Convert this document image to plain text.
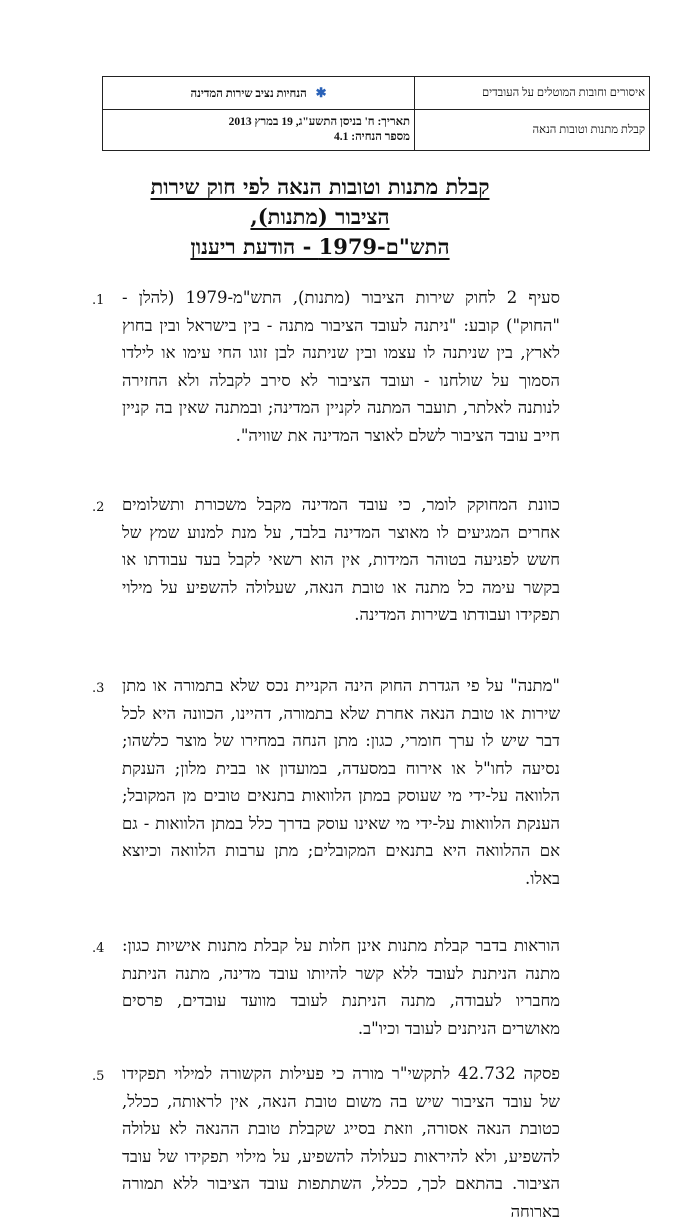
איסורים וחובות המוטלים על העובדים	✱ הנחיות נציב שירות המדינה
קבלת מתנות וטובות הנאה	תאריך: ח' בניסן התשע"ג, 19 במרץ 2013
מספר הנחיה: 4.1
קבלת מתנות וטובות הנאה לפי חוק שירות
הציבור (מתנות),
התש"ם-1979 - הודעת ריענון
.1 סעיף 2 לחוק שירות הציבור (מתנות), התש"מ-1979 (להלן - "החוק") קובע: "ניתנה לעובד הציבור מתנה - בין בישראל ובין בחוץ לארץ, בין שניתנה לו עצמו ובין שניתנה לבן זוגו החי עימו או לילדו הסמוך על שולחנו - ועובד הציבור לא סירב לקבלה ולא החזירה לנותנה לאלתר, תועבר המתנה לקניין המדינה; ובמתנה שאין בה קניין חייב עובד הציבור לשלם לאוצר המדינה את שוויה".
.2 כוונת המחוקק לומר, כי עובד המדינה מקבל משכורת ותשלומים אחרים המגיעים לו מאוצר המדינה בלבד, על מנת למנוע שמץ של חשש לפגיעה בטוהר המידות, אין הוא רשאי לקבל בעד עבודתו או בקשר עימה כל מתנה או טובת הנאה, שעלולה להשפיע על מילוי תפקידו ועבודתו בשירות המדינה.
.3 "מתנה" על פי הגדרת החוק הינה הקניית נכס שלא בתמורה או מתן שירות או טובת הנאה אחרת שלא בתמורה, דהיינו, הכוונה היא לכל דבר שיש לו ערך חומרי, כגון: מתן הנחה במחירו של מוצר כלשהו; נסיעה לחו"ל או אירוח במסעדה, במועדון או בבית מלון; הענקת הלוואה על-ידי מי שעוסק במתן הלוואות בתנאים טובים מן המקובל; הענקת הלוואות על-ידי מי שאינו עוסק בדרך כלל במתן הלוואות - גם אם ההלוואה היא בתנאים המקובלים; מתן ערבות הלוואה וכיוצא באלו.
.4 הוראות בדבר קבלת מתנות אינן חלות על קבלת מתנות אישיות כגון: מתנה הניתנת לעובד ללא קשר להיותו עובד מדינה, מתנה הניתנת מחבריו לעבודה, מתנה הניתנת לעובד מוועד עובדים, פרסים מאושרים הניתנים לעובד וכיו"ב.
.5 פסקה 42.732 לתקשי"ר מורה כי פעילות הקשורה למילוי תפקידו של עובד הציבור שיש בה משום טובת הנאה, אין לראותה, ככלל, כטובת הנאה אסורה, וזאת בסייג שקבלת טובת ההנאה לא עלולה להשפיע, ולא להיראות כעלולה להשפיע, על מילוי תפקידו של עובד הציבור. בהתאם לכך, ככלל, השתתפות עובד הציבור ללא תמורה בארוחה
